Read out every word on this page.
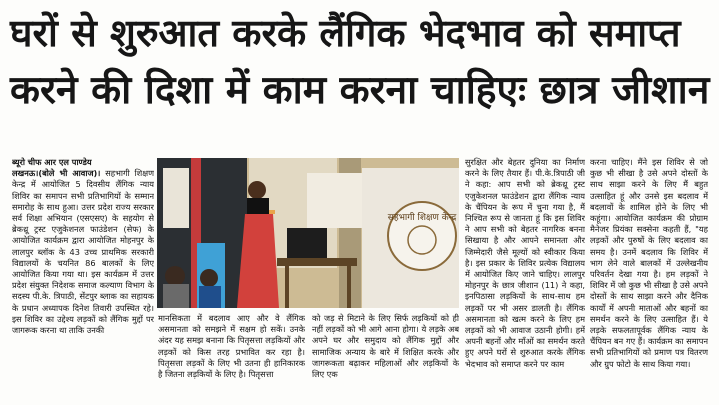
घरों से शुरुआत करके लैंगिक भेदभाव को समाप्त
करने की दिशा में काम करना चाहिएः छात्र जीशान

ब्यूरो चीफ आर एल पाण्डेय

लखनऊ।(बोले भी आवाज)। सहभागी शिक्षण केन्द्र में आयोजित 5 दिवसीय लैंगिक न्याय शिविर का समापन सभी प्रतिभागियों के सम्मान समारोह के साथ हुआ। उत्तर प्रदेश राज्य सरकार सर्व शिक्षा अभियान (एसएसए) के सहयोग से ब्रेकथ्रू ट्रस्ट एजुकेशनल फाउंडेशन (सेफ) के आयोजित कार्यक्रम द्वारा आयोजित मोहनपुर के लालपुर ब्लॉक के 43 उच्च प्राथमिक सरकारी विद्यालयों के चयनित 86 बालकों के लिए आयोजित किया गया था। इस कार्यक्रम में उत्तर प्रदेश संयुक्त निदेशक समाज कल्याण विभाग के सदस्य पी.के. त्रिपाठी, सेंटपुर ब्लाक का सहायक के प्रधान अध्यापक दिनेश तिवारी उपस्थित रहे। इस शिविर का उद्देश्य लड़कों को लैंगिक मुद्दों पर जागरूक करना था ताकि उनकी

सहभागी शिक्षण केन्द्र

मानसिकता में बदलाव आए और वे लैंगिक असमानता को समझने में सक्षम हो सकें। उनके अंदर यह समझ बनाना कि पितृसत्ता लड़कियों और लड़कों को किस तरह प्रभावित कर रहा है। पितृसत्ता लड़कों के लिए भी उतना ही हानिकारक है जितना लड़कियों के लिए है। पितृसत्ता

को जड़ से मिटाने के लिए सिर्फ लड़कियों को ही नहीं लड़कों को भी आगे आना होगा। ये लड़के अब अपने घर और समुदाय को लैंगिक मुद्दों और सामाजिक अन्याय के बारे में शिक्षित करके और जागरूकता बढ़ाकर महिलाओं और लड़कियों के लिए एक

सुरक्षित और बेहतर दुनिया का निर्माण करने के लिए तैयार हैं। पी.के.त्रिपाठी जी ने कहा: आप सभी को ब्रेकथ्रू ट्रस्ट एजुकेशनल फाउंडेशन द्वारा लैंगिक न्याय के चैंपियन के रूप में चुना गया है, मैं निश्चित रूप से जानता हूं कि इस शिविर ने आप सभी को बेहतर नागरिक बनना सिखाया है और आपने समानता और जिम्मेदारी जैसे मूल्यों को स्वीकार किया है। इस प्रकार के शिविर प्रत्येक विद्यालय में आयोजित किए जाने चाहिए। लालपुर मोहनपुर के छात्र जीशान (11) ने कहा, इनपिठासा लड़कियों के साथ-साथ हम लड़कों पर भी असर डालती है। लैंगिक असमानता को खत्म करने के लिए हम लड़कों को भी आवाज उठानी होगी। हमें अपनी बहनों और माँओं का समर्थन करते हुए अपने घरों से शुरुआत करके लैंगिक भेदभाव को समाप्त करने पर काम

करना चाहिए। मैंने इस शिविर से जो कुछ भी सीखा है उसे अपने दोस्तों के साथ साझा करने के लिए मैं बहुत उत्साहित हूं और उनसे इस बदलाव में बदलावों के शामिल होने के लिए भी कहूंगा। आयोजित कार्यक्रम की प्रोग्राम मैनेजर प्रियंका सक्सेना कहती हैं, "यह लड़कों और पुरुषों के लिए बदलाव का समय है। उनमें बदलाव कि शिविर में भाग लेने वाले बालकों में उल्लेखनीय परिवर्तन देखा गया है। हम लड़कों ने शिविर में जो कुछ भी सीखा है उसे अपने दोस्तों के साथ साझा करने और दैनिक कार्यों में अपनी माताओं और बहनों का समर्थन करने के लिए उत्साहित हैं। ये लड़के सफलतापूर्वक लैंगिक न्याय के चैंपियन बन गए हैं। कार्यक्रम का समापन सभी प्रतिभागियों को प्रमाण पत्र वितरण और ग्रुप फोटो के साथ किया गया।
